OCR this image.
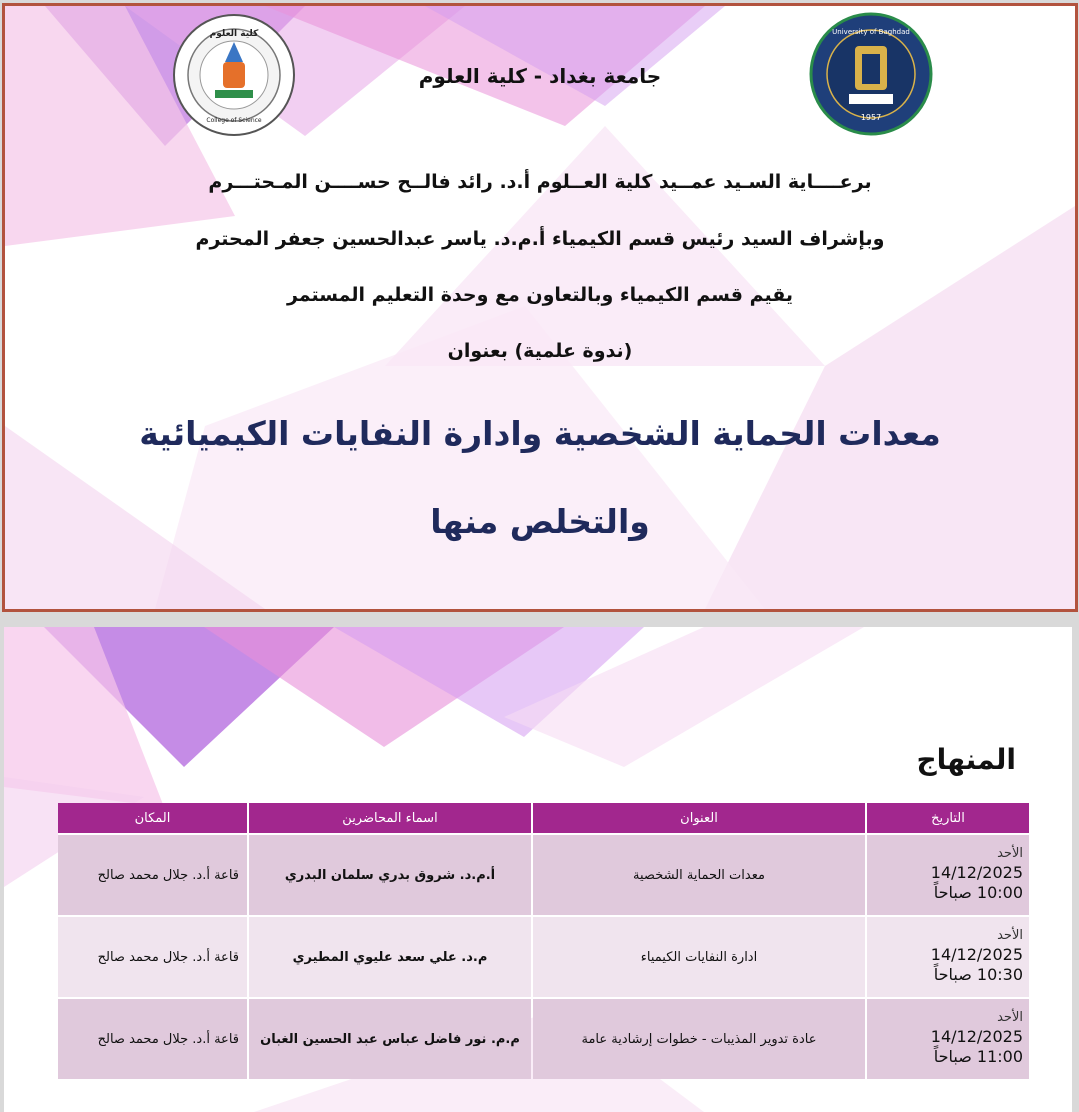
كلية العلوم
College of Science
University of Baghdad
1957
جامعة بغداد - كلية العلوم
برعــــاية السـيد عمــيد كلية العــلوم أ.د. رائد فالــح حســــن المـحتـــرم
وبإشراف السيد رئيس قسم الكيمياء أ.م.د. ياسر عبدالحسين جعفر المحترم
يقيم قسم الكيمياء وبالتعاون مع وحدة التعليم المستمر
(ندوة علمية) بعنوان
معدات الحماية الشخصية وادارة النفايات الكيميائية
والتخلص منها
المنهاج
التاريخ	العنوان	اسماء المحاضرين	المكان

الأحد
14/12/2025
10:00 صباحاً	معدات الحماية الشخصية	أ.م.د. شروق بدري سلمان البدري	قاعة أ.د. جلال محمد صالح

الأحد
14/12/2025
10:30 صباحاً	ادارة النفايات الكيمياء	م.د. علي سعد عليوي المطيري	قاعة أ.د. جلال محمد صالح

الأحد
14/12/2025
11:00 صباحاً	عادة تدوير المذيبات - خطوات إرشادية عامة	م.م. نور فاضل عباس عبد الحسين الغبان	قاعة أ.د. جلال محمد صالح
